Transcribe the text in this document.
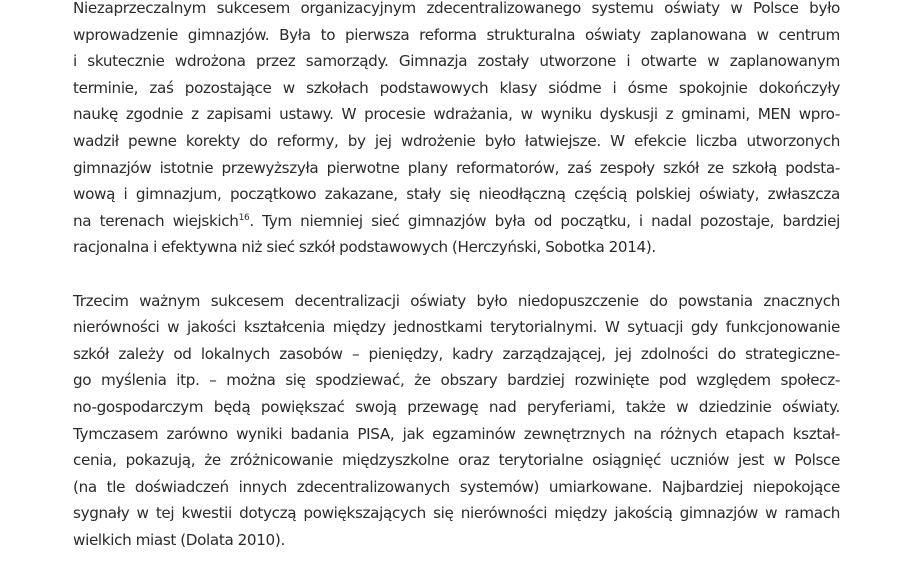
Niezaprzeczalnym sukcesem organizacyjnym zdecentralizowanego systemu oświaty w Polsce było
wprowadzenie gimnazjów. Była to pierwsza reforma strukturalna oświaty zaplanowana w centrum
i skutecznie wdrożona przez samorządy. Gimnazja zostały utworzone i otwarte w zaplanowanym
terminie, zaś pozostające w szkołach podstawowych klasy siódme i ósme spokojnie dokończyły
naukę zgodnie z zapisami ustawy. W procesie wdrażania, w wyniku dyskusji z gminami, MEN wpro-
wadził pewne korekty do reformy, by jej wdrożenie było łatwiejsze. W efekcie liczba utworzonych
gimnazjów istotnie przewyższyła pierwotne plany reformatorów, zaś zespoły szkół ze szkołą podsta-
wową i gimnazjum, początkowo zakazane, stały się nieodłączną częścią polskiej oświaty, zwłaszcza
na terenach wiejskich$^{16}$. Tym niemniej sieć gimnazjów była od początku, i nadal pozostaje, bardziej
racjonalna i efektywna niż sieć szkół podstawowych (Herczyński, Sobotka 2014).

Trzecim ważnym sukcesem decentralizacji oświaty było niedopuszczenie do powstania znacznych
nierówności w jakości kształcenia między jednostkami terytorialnymi. W sytuacji gdy funkcjonowanie
szkół zależy od lokalnych zasobów – pieniędzy, kadry zarządzającej, jej zdolności do strategiczne-
go myślenia itp. – można się spodziewać, że obszary bardziej rozwinięte pod względem społecz-
no-gospodarczym będą powiększać swoją przewagę nad peryferiami, także w dziedzinie oświaty.
Tymczasem zarówno wyniki badania PISA, jak egzaminów zewnętrznych na różnych etapach kształ-
cenia, pokazują, że zróżnicowanie międzyszkolne oraz terytorialne osiągnięć uczniów jest w Polsce
(na tle doświadczeń innych zdecentralizowanych systemów) umiarkowane. Najbardziej niepokojące
sygnały w tej kwestii dotyczą powiększających się nierówności między jakością gimnazjów w ramach
wielkich miast (Dolata 2010).
